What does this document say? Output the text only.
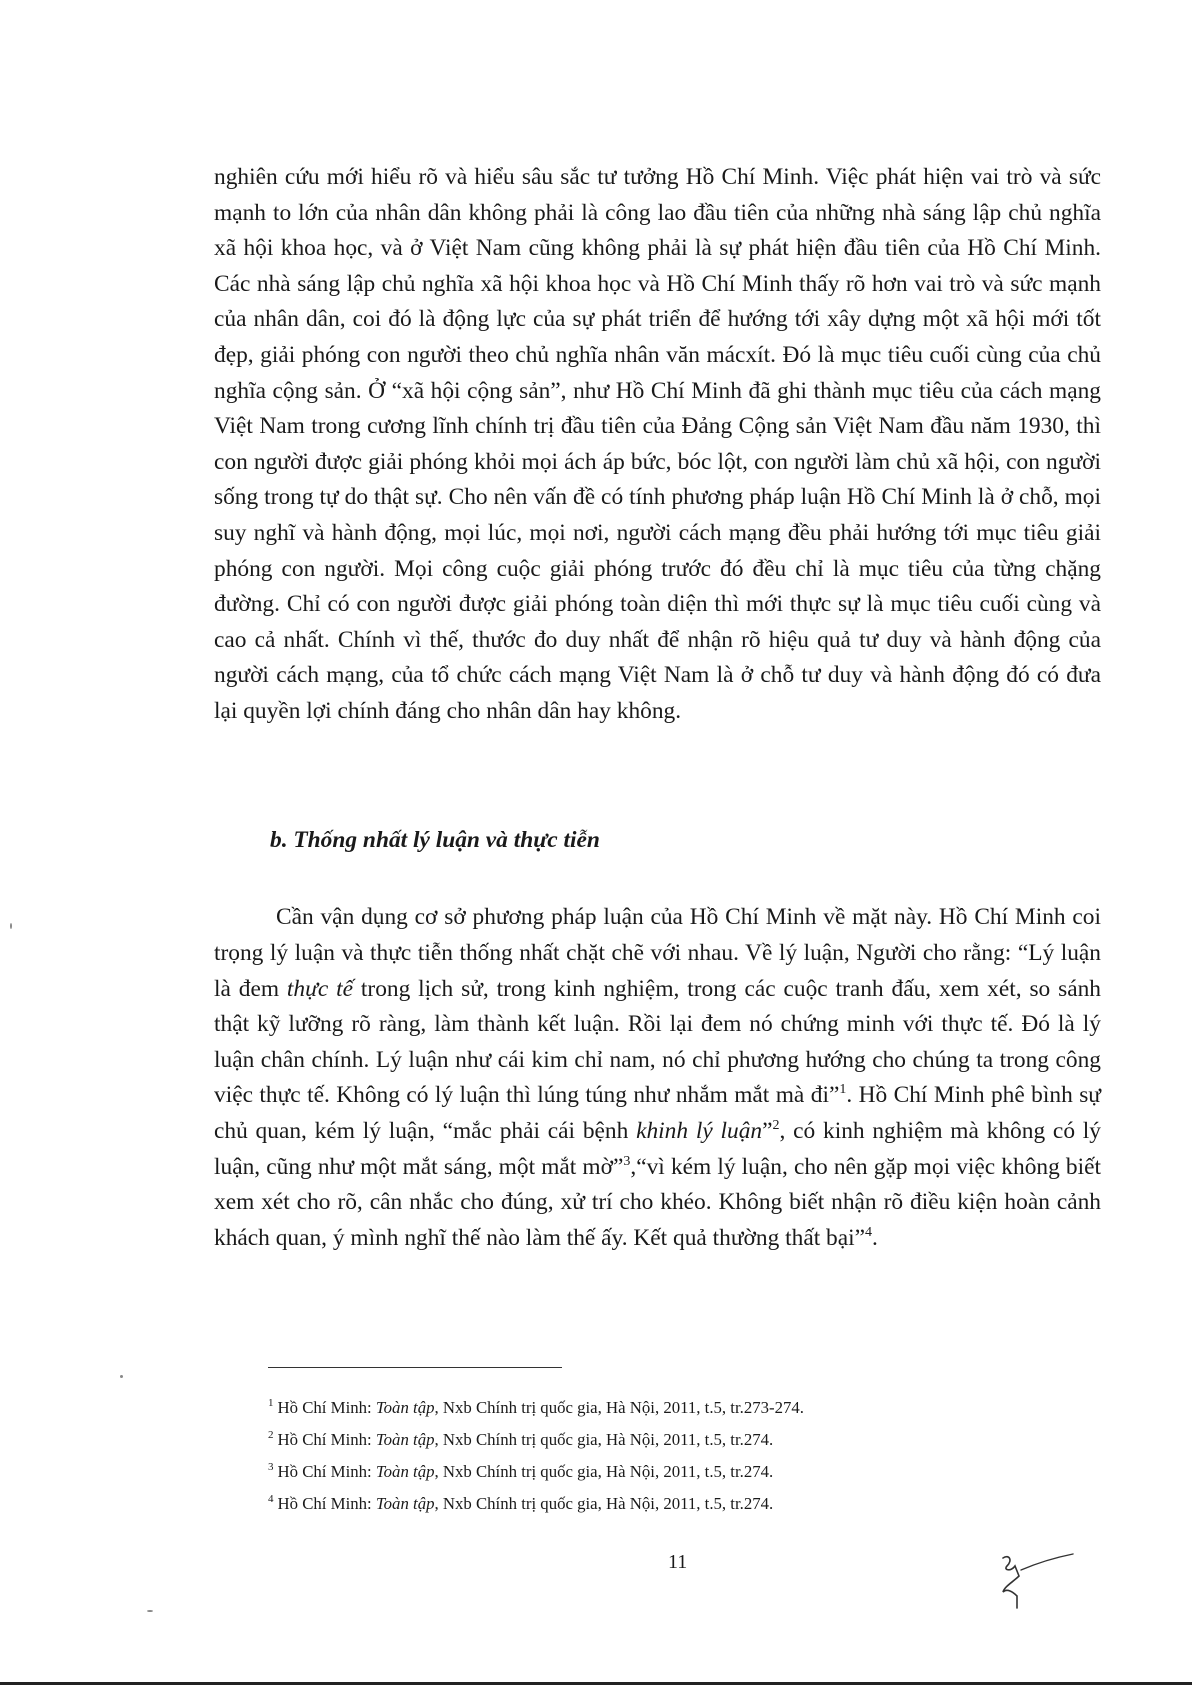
nghiên cứu mới hiểu rõ và hiểu sâu sắc tư tưởng Hồ Chí Minh. Việc phát hiện vai trò và sức mạnh to lớn của nhân dân không phải là công lao đầu tiên của những nhà sáng lập chủ nghĩa xã hội khoa học, và ở Việt Nam cũng không phải là sự phát hiện đầu tiên của Hồ Chí Minh. Các nhà sáng lập chủ nghĩa xã hội khoa học và Hồ Chí Minh thấy rõ hơn vai trò và sức mạnh của nhân dân, coi đó là động lực của sự phát triển để hướng tới xây dựng một xã hội mới tốt đẹp, giải phóng con người theo chủ nghĩa nhân văn mácxít. Đó là mục tiêu cuối cùng của chủ nghĩa cộng sản. Ở “xã hội cộng sản”, như Hồ Chí Minh đã ghi thành mục tiêu của cách mạng Việt Nam trong cương lĩnh chính trị đầu tiên của Đảng Cộng sản Việt Nam đầu năm 1930, thì con người được giải phóng khỏi mọi ách áp bức, bóc lột, con người làm chủ xã hội, con người sống trong tự do thật sự. Cho nên vấn đề có tính phương pháp luận Hồ Chí Minh là ở chỗ, mọi suy nghĩ và hành động, mọi lúc, mọi nơi, người cách mạng đều phải hướng tới mục tiêu giải phóng con người. Mọi công cuộc giải phóng trước đó đều chỉ là mục tiêu của từng chặng đường. Chỉ có con người được giải phóng toàn diện thì mới thực sự là mục tiêu cuối cùng và cao cả nhất. Chính vì thế, thước đo duy nhất để nhận rõ hiệu quả tư duy và hành động của người cách mạng, của tổ chức cách mạng Việt Nam là ở chỗ tư duy và hành động đó có đưa lại quyền lợi chính đáng cho nhân dân hay không.

b. Thống nhất lý luận và thực tiễn

Cần vận dụng cơ sở phương pháp luận của Hồ Chí Minh về mặt này. Hồ Chí Minh coi trọng lý luận và thực tiễn thống nhất chặt chẽ với nhau. Về lý luận, Người cho rằng: “Lý luận là đem thực tế trong lịch sử, trong kinh nghiệm, trong các cuộc tranh đấu, xem xét, so sánh thật kỹ lưỡng rõ ràng, làm thành kết luận. Rồi lại đem nó chứng minh với thực tế. Đó là lý luận chân chính. Lý luận như cái kim chỉ nam, nó chỉ phương hướng cho chúng ta trong công việc thực tế. Không có lý luận thì lúng túng như nhắm mắt mà đi”$^1$. Hồ Chí Minh phê bình sự chủ quan, kém lý luận, “mắc phải cái bệnh khinh lý luận”$^2$, có kinh nghiệm mà không có lý luận, cũng như một mắt sáng, một mắt mờ”$^3$,“vì kém lý luận, cho nên gặp mọi việc không biết xem xét cho rõ, cân nhắc cho đúng, xử trí cho khéo. Không biết nhận rõ điều kiện hoàn cảnh khách quan, ý mình nghĩ thế nào làm thế ấy. Kết quả thường thất bại”$^4$.

$^1$ Hồ Chí Minh: Toàn tập, Nxb Chính trị quốc gia, Hà Nội, 2011, t.5, tr.273-274.
$^2$ Hồ Chí Minh: Toàn tập, Nxb Chính trị quốc gia, Hà Nội, 2011, t.5, tr.274.
$^3$ Hồ Chí Minh: Toàn tập, Nxb Chính trị quốc gia, Hà Nội, 2011, t.5, tr.274.
$^4$ Hồ Chí Minh: Toàn tập, Nxb Chính trị quốc gia, Hà Nội, 2011, t.5, tr.274.
11
